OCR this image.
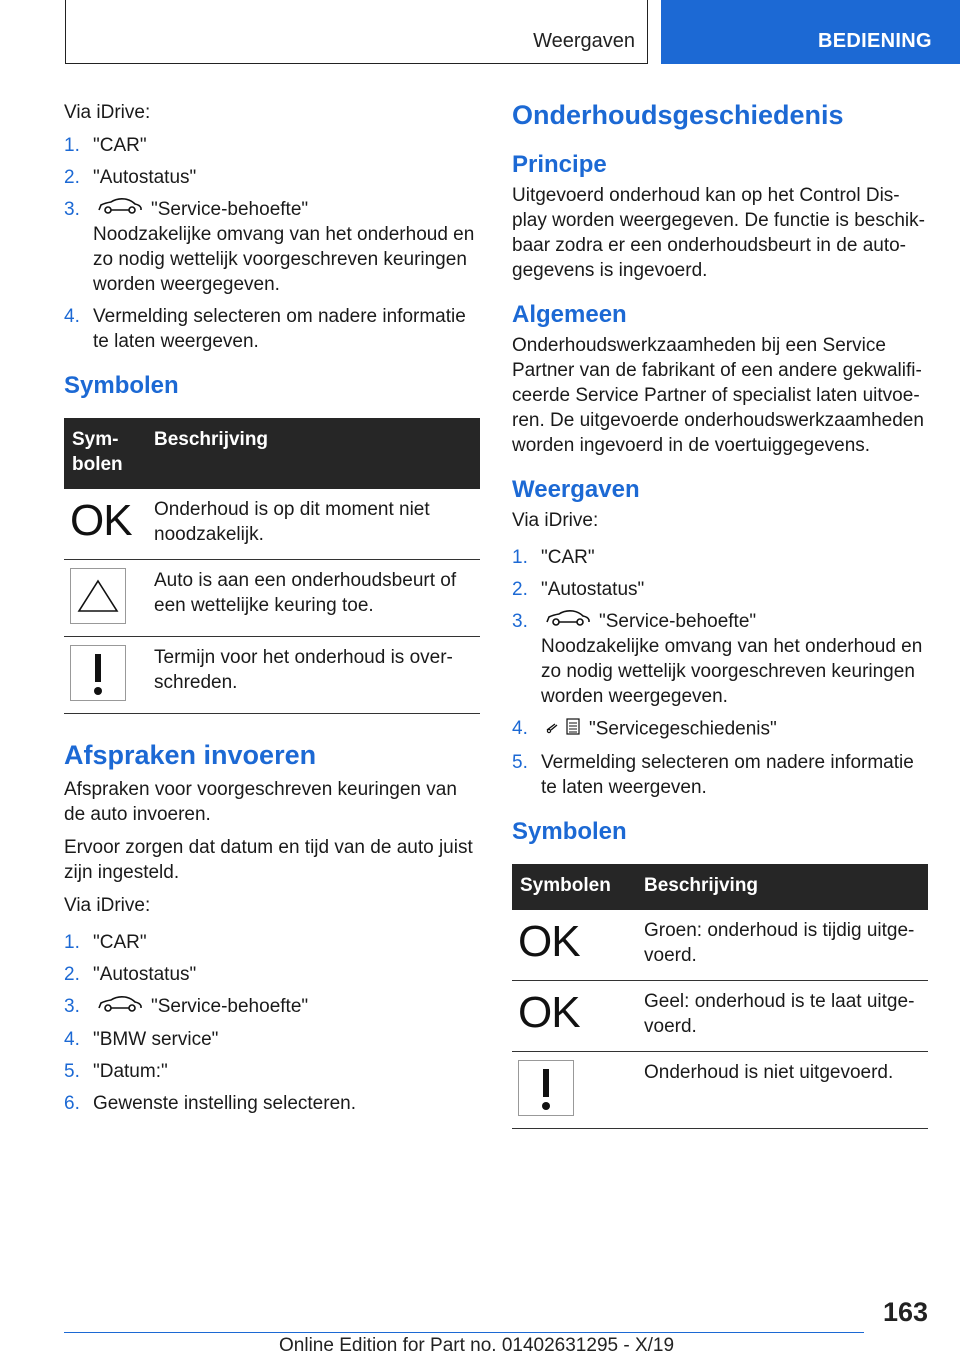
Weergaven	BEDIENING

Via iDrive:

1. "CAR"
2. "Autostatus"
3.	"Service-behoefte"
Noodzakelijke omvang van het onderhoud en zo nodig wettelijk voorgeschreven keuringen worden weergegeven.
4. Vermelding selecteren om nadere informatie te laten weergeven.
Symbolen
Sym-bolen	Beschrijving

OK	Onderhoud is op dit moment niet noodzakelijk.

	Auto is aan een onderhoudsbeurt of een wettelijke keuring toe.

	Termijn voor het onderhoud is over-schreden.
Afspraken invoeren

Afspraken voor voorgeschreven keuringen van de auto invoeren.

Ervoor zorgen dat datum en tijd van de auto juist zijn ingesteld.

Via iDrive:

1. "CAR"
2. "Autostatus"
3.	"Service-behoefte"
4. "BMW service"
5. "Datum:"
6. Gewenste instelling selecteren.
Onderhoudsgeschiedenis
Principe

Uitgevoerd onderhoud kan op het Control Dis-play worden weergegeven. De functie is beschik-baar zodra er een onderhoudsbeurt in de auto-gegevens is ingevoerd.

Algemeen

Onderhoudswerkzaamheden bij een Service Partner van de fabrikant of een andere gekwalifi-ceerde Service Partner of specialist laten uitvoe-ren. De uitgevoerde onderhoudswerkzaamheden worden ingevoerd in de voertuiggegevens.

Weergaven

Via iDrive:

1. "CAR"
2. "Autostatus"
3.	"Service-behoefte"
Noodzakelijke omvang van het onderhoud en zo nodig wettelijk voorgeschreven keuringen worden weergegeven.
4.	"Servicegeschiedenis"
5. Vermelding selecteren om nadere informatie te laten weergeven.
Symbolen
Symbolen	Beschrijving

OK	Groen: onderhoud is tijdig uitge-voerd.

OK	Geel: onderhoud is te laat uitge-voerd.

	Onderhoud is niet uitgevoerd.
163
Online Edition for Part no. 01402631295 - X/19
